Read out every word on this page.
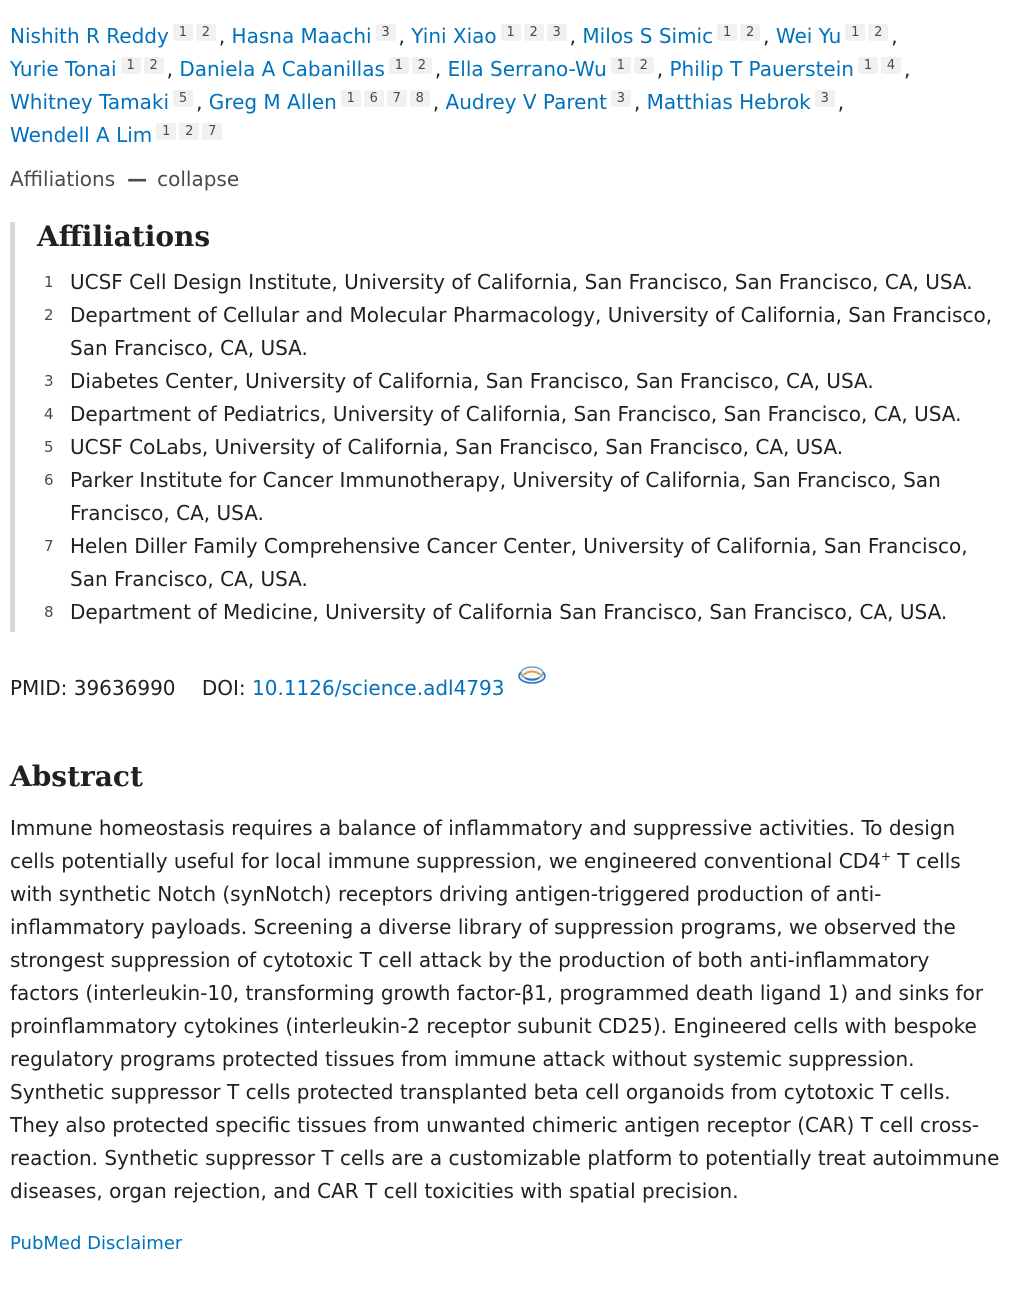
Nishith R Reddy 1 2 , Hasna Maachi 3 , Yini Xiao 1 2 3 , Milos S Simic 1 2 , Wei Yu 1 2 , Yurie Tonai 1 2 , Daniela A Cabanillas 1 2 , Ella Serrano-Wu 1 2 , Philip T Pauerstein 1 4 , Whitney Tamaki 5 , Greg M Allen 1 6 7 8 , Audrey V Parent 3 , Matthias Hebrok 3 , Wendell A Lim 1 2 7
Affiliations — collapse
Affiliations
1 UCSF Cell Design Institute, University of California, San Francisco, San Francisco, CA, USA.
2 Department of Cellular and Molecular Pharmacology, University of California, San Francisco, San Francisco, CA, USA.
3 Diabetes Center, University of California, San Francisco, San Francisco, CA, USA.
4 Department of Pediatrics, University of California, San Francisco, San Francisco, CA, USA.
5 UCSF CoLabs, University of California, San Francisco, San Francisco, CA, USA.
6 Parker Institute for Cancer Immunotherapy, University of California, San Francisco, San Francisco, CA, USA.
7 Helen Diller Family Comprehensive Cancer Center, University of California, San Francisco, San Francisco, CA, USA.
8 Department of Medicine, University of California San Francisco, San Francisco, CA, USA.
PMID: 39636990 DOI: 10.1126/science.adl4793
Abstract

Immune homeostasis requires a balance of inflammatory and suppressive activities. To design cells potentially useful for local immune suppression, we engineered conventional CD4+ T cells with synthetic Notch (synNotch) receptors driving antigen-triggered production of anti-inflammatory payloads. Screening a diverse library of suppression programs, we observed the strongest suppression of cytotoxic T cell attack by the production of both anti-inflammatory factors (interleukin-10, transforming growth factor-β1, programmed death ligand 1) and sinks for proinflammatory cytokines (interleukin-2 receptor subunit CD25). Engineered cells with bespoke regulatory programs protected tissues from immune attack without systemic suppression. Synthetic suppressor T cells protected transplanted beta cell organoids from cytotoxic T cells. They also protected specific tissues from unwanted chimeric antigen receptor (CAR) T cell cross-reaction. Synthetic suppressor T cells are a customizable platform to potentially treat autoimmune diseases, organ rejection, and CAR T cell toxicities with spatial precision.

PubMed Disclaimer
